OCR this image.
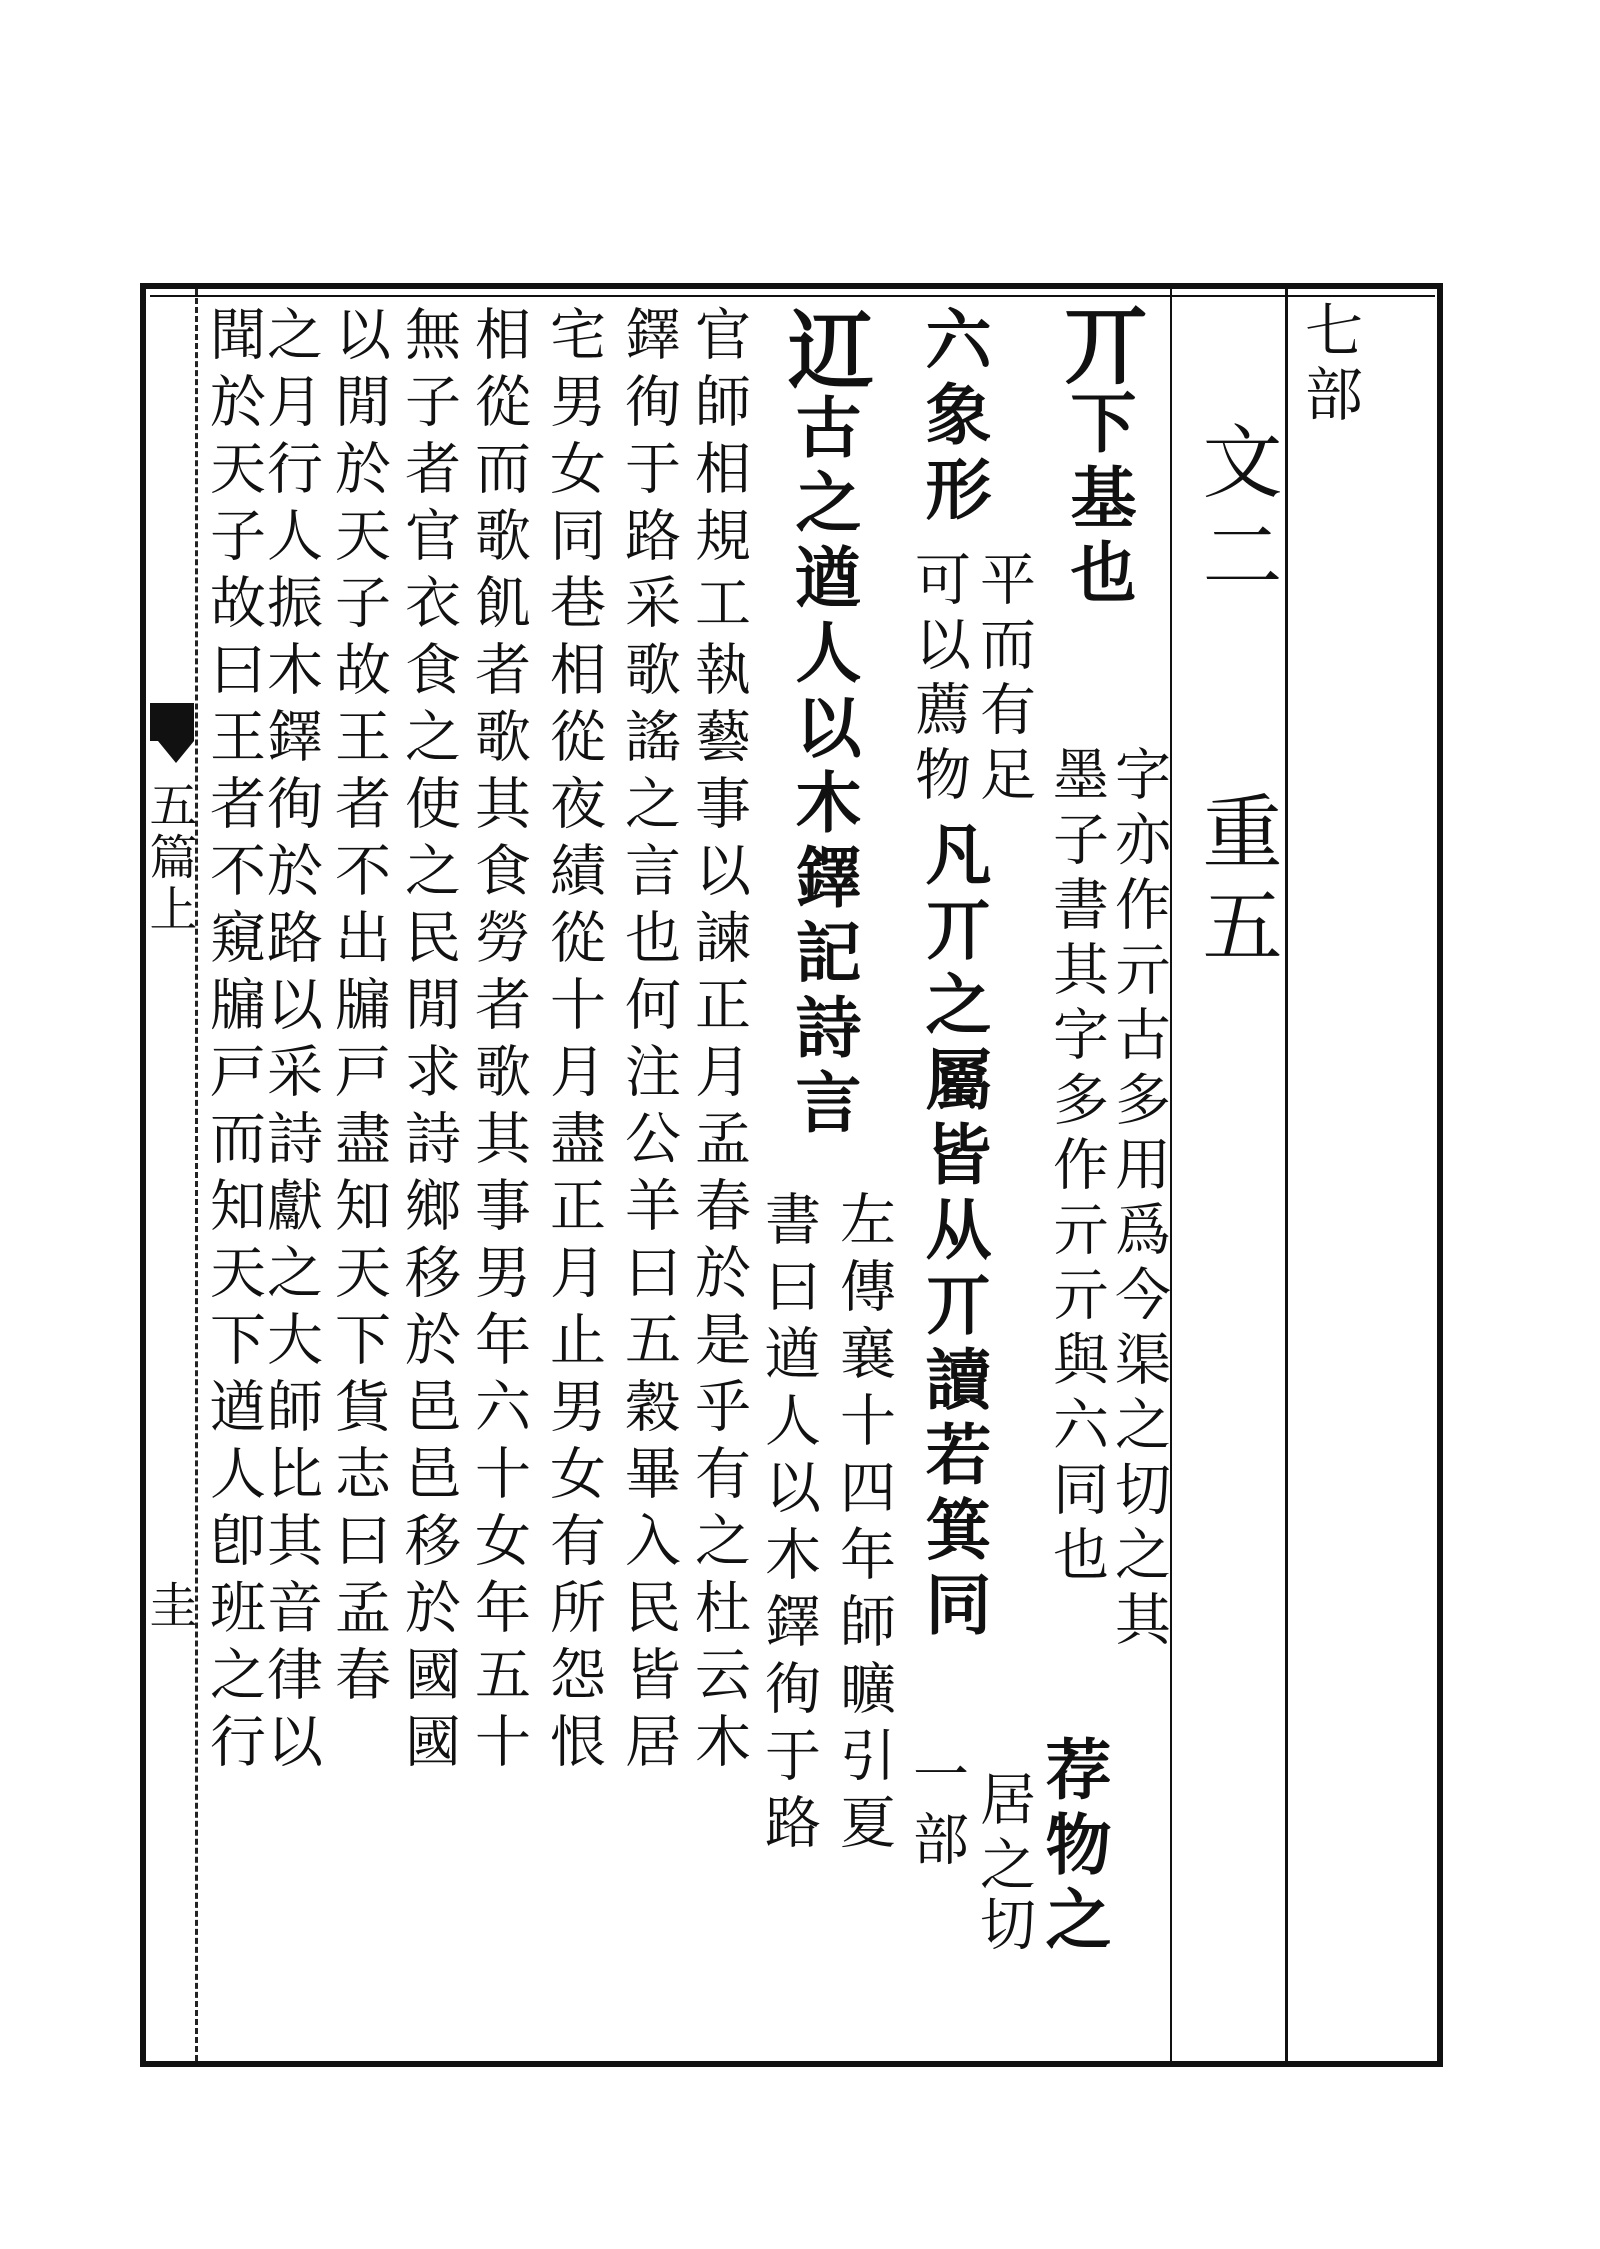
七部
文二
重五
丌下基也
字亦作亓古多用爲今渠之切之其
墨子書其字多作亓亓與六同也
荐物之
居之
一部
切
六象形
平而有足
可以薦物
凡丌之屬皆从丌讀若箕同
䢋古之遒人以木鐸記詩言
左傳襄十四年師曠引夏
書曰遒人以木鐸徇于路
官師相規工執藝事以諫正月孟春於是乎有之杜云木
鐸徇于路采歌謠之言也何注公羊曰五穀畢入民皆居
宅男女同巷相從夜績從十月盡正月止男女有所怨恨
相從而歌飢者歌其食勞者歌其事男年六十女年五十
無子者官衣食之使之民閒求詩鄉移於邑邑移於國國
以閒於天子故王者不出牖戸盡知天下貨志曰孟春
之月行人振木鐸徇於路以采詩獻之大師比其音律以
聞於天子故曰王者不窺牖戸而知天下遒人卽班之行
五篇上
圭
